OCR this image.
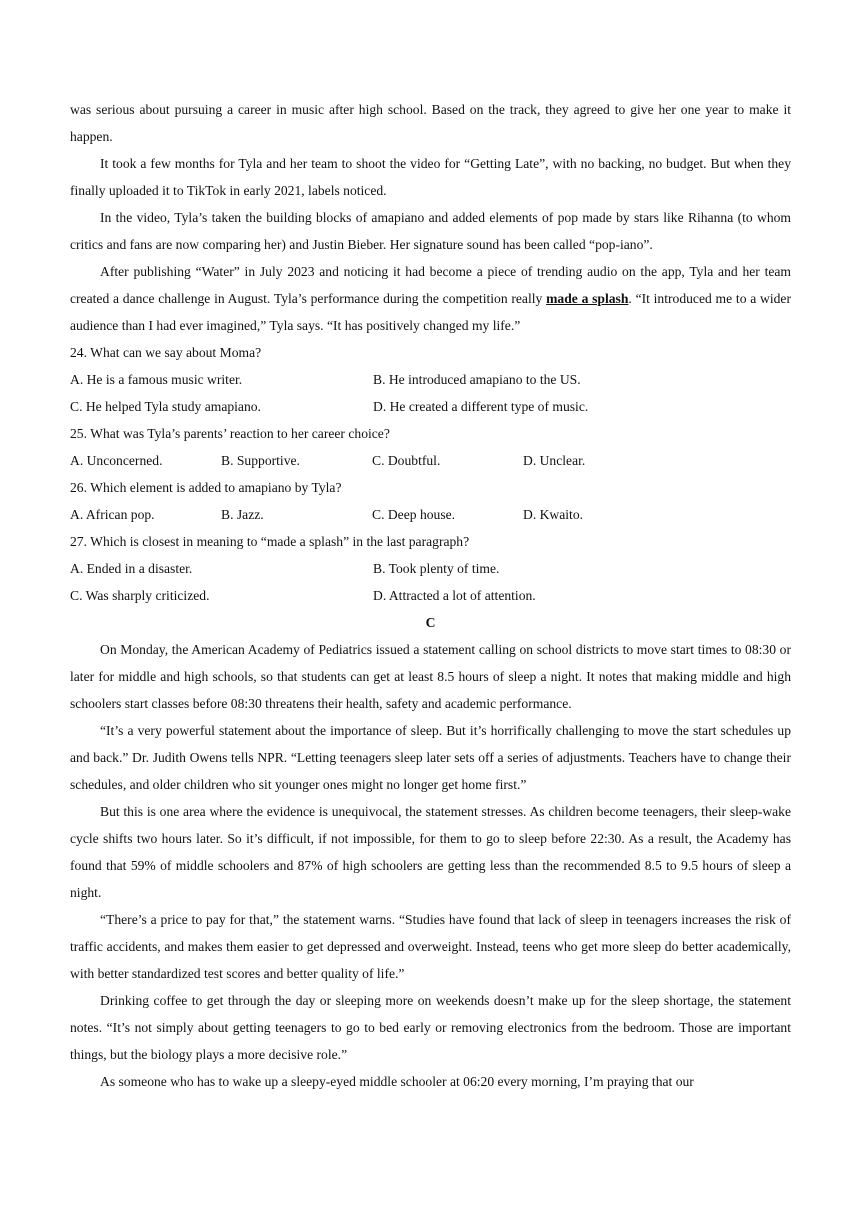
was serious about pursuing a career in music after high school. Based on the track, they agreed to give her one year to make it happen.

It took a few months for Tyla and her team to shoot the video for “Getting Late”, with no backing, no budget. But when they finally uploaded it to TikTok in early 2021, labels noticed.

In the video, Tyla’s taken the building blocks of amapiano and added elements of pop made by stars like Rihanna (to whom critics and fans are now comparing her) and Justin Bieber. Her signature sound has been called “pop-iano”.

After publishing “Water” in July 2023 and noticing it had become a piece of trending audio on the app, Tyla and her team created a dance challenge in August. Tyla’s performance during the competition really made a splash. “It introduced me to a wider audience than I had ever imagined,” Tyla says. “It has positively changed my life.”

24. What can we say about Moma?

A. He is a famous music writer.	B. He introduced amapiano to the US.
C. He helped Tyla study amapiano.	D. He created a different type of music.

25. What was Tyla’s parents’ reaction to her career choice?

A. Unconcerned.	B. Supportive.	C. Doubtful.	D. Unclear.

26. Which element is added to amapiano by Tyla?

A. African pop.	B. Jazz.	C. Deep house.	D. Kwaito.

27. Which is closest in meaning to “made a splash” in the last paragraph?

A. Ended in a disaster.	B. Took plenty of time.
C. Was sharply criticized.	D. Attracted a lot of attention.

C

On Monday, the American Academy of Pediatrics issued a statement calling on school districts to move start times to 08:30 or later for middle and high schools, so that students can get at least 8.5 hours of sleep a night. It notes that making middle and high schoolers start classes before 08:30 threatens their health, safety and academic performance.

“It’s a very powerful statement about the importance of sleep. But it’s horrifically challenging to move the start schedules up and back.” Dr. Judith Owens tells NPR. “Letting teenagers sleep later sets off a series of adjustments. Teachers have to change their schedules, and older children who sit younger ones might no longer get home first.”

But this is one area where the evidence is unequivocal, the statement stresses. As children become teenagers, their sleep-wake cycle shifts two hours later. So it’s difficult, if not impossible, for them to go to sleep before 22:30. As a result, the Academy has found that 59% of middle schoolers and 87% of high schoolers are getting less than the recommended 8.5 to 9.5 hours of sleep a night.

“There’s a price to pay for that,” the statement warns. “Studies have found that lack of sleep in teenagers increases the risk of traffic accidents, and makes them easier to get depressed and overweight. Instead, teens who get more sleep do better academically, with better standardized test scores and better quality of life.”

Drinking coffee to get through the day or sleeping more on weekends doesn’t make up for the sleep shortage, the statement notes. “It’s not simply about getting teenagers to go to bed early or removing electronics from the bedroom. Those are important things, but the biology plays a more decisive role.”

As someone who has to wake up a sleepy-eyed middle schooler at 06:20 every morning, I’m praying that our
